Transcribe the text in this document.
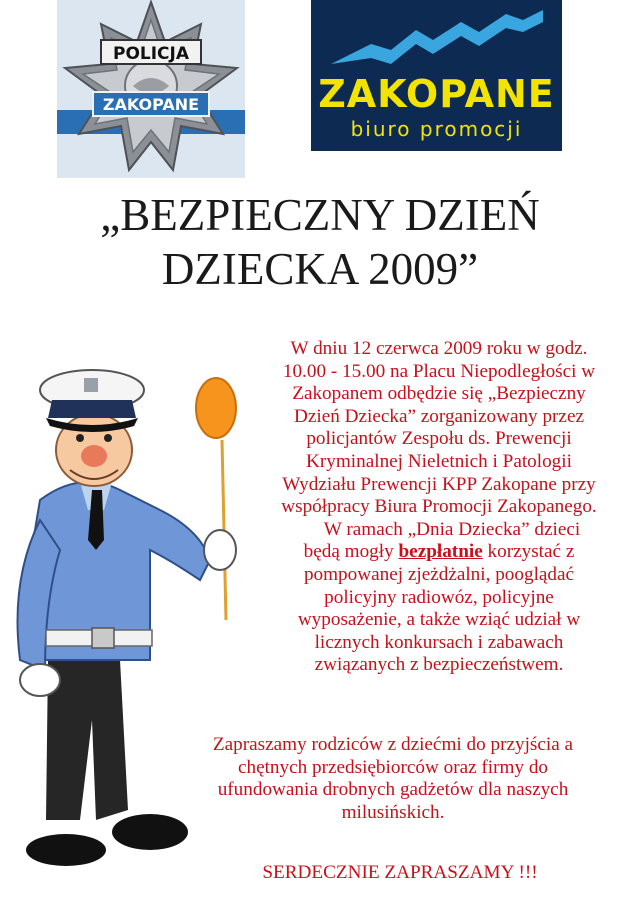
POLICJA
ZAKOPANE	ZAKOPANE
biuro promocji
„BEZPIECZNY DZIEŃ
DZIECKA 2009”
W dniu 12 czerwca 2009 roku w godz.
10.00 - 15.00 na Placu Niepodległości w
Zakopanem odbędzie się „Bezpieczny
Dzień Dziecka” zorganizowany przez
policjantów Zespołu ds. Prewencji
Kryminalnej Nieletnich i Patologii
Wydziału Prewencji KPP Zakopane przy
współpracy Biura Promocji Zakopanego.
W ramach „Dnia Dziecka” dzieci
będą mogły bezpłatnie korzystać z
pompowanej zjeżdżalni, pooglądać
policyjny radiowóz, policyjne
wyposażenie, a także wziąć udział w
licznych konkursach i zabawach
związanych z bezpieczeństwem.
Zapraszamy rodziców z dziećmi do przyjścia a
chętnych przedsiębiorców oraz firmy do
ufundowania drobnych gadżetów dla naszych
milusińskich.
SERDECZNIE ZAPRASZAMY !!!
